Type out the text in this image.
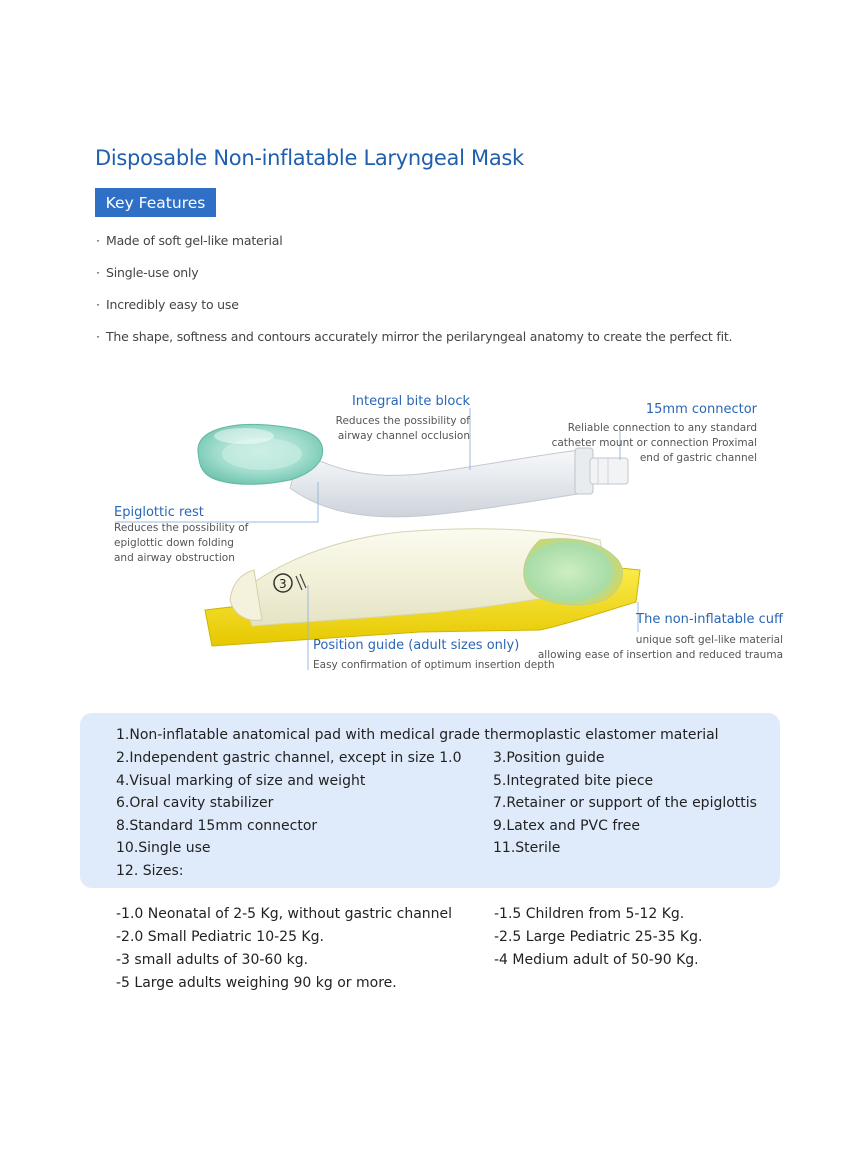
Disposable Non-inflatable Laryngeal Mask
Key Features
· Made of soft gel-like material
· Single-use only
· Incredibly easy to use
· The shape, softness and contours accurately mirror the perilaryngeal anatomy to create the perfect fit.
3
Integral bite block
Reduces the possibility of
airway channel occlusion
15mm connector
Reliable connection to any standard
catheter mount or connection Proximal
end of gastric channel
Epiglottic rest
Reduces the possibility of
epiglottic down folding
and airway obstruction
The non-inflatable cuff
unique soft gel-like material
allowing ease of insertion and reduced trauma
Position guide (adult sizes only)
Easy confirmation of optimum insertion depth
1.Non-inflatable anatomical pad with medical grade thermoplastic elastomer material
2.Independent gastric channel, except in size 1.0
4.Visual marking of size and weight
6.Oral cavity stabilizer
8.Standard 15mm connector
10.Single use
12. Sizes:
3.Position guide
5.Integrated bite piece
7.Retainer or support of the epiglottis
9.Latex and PVC free
11.Sterile
-1.0 Neonatal of 2-5 Kg, without gastric channel
-2.0 Small Pediatric 10-25 Kg.
-3 small adults of 30-60 kg.
-5 Large adults weighing 90 kg or more.
-1.5 Children from 5-12 Kg.
-2.5 Large Pediatric 25-35 Kg.
-4 Medium adult of 50-90 Kg.
